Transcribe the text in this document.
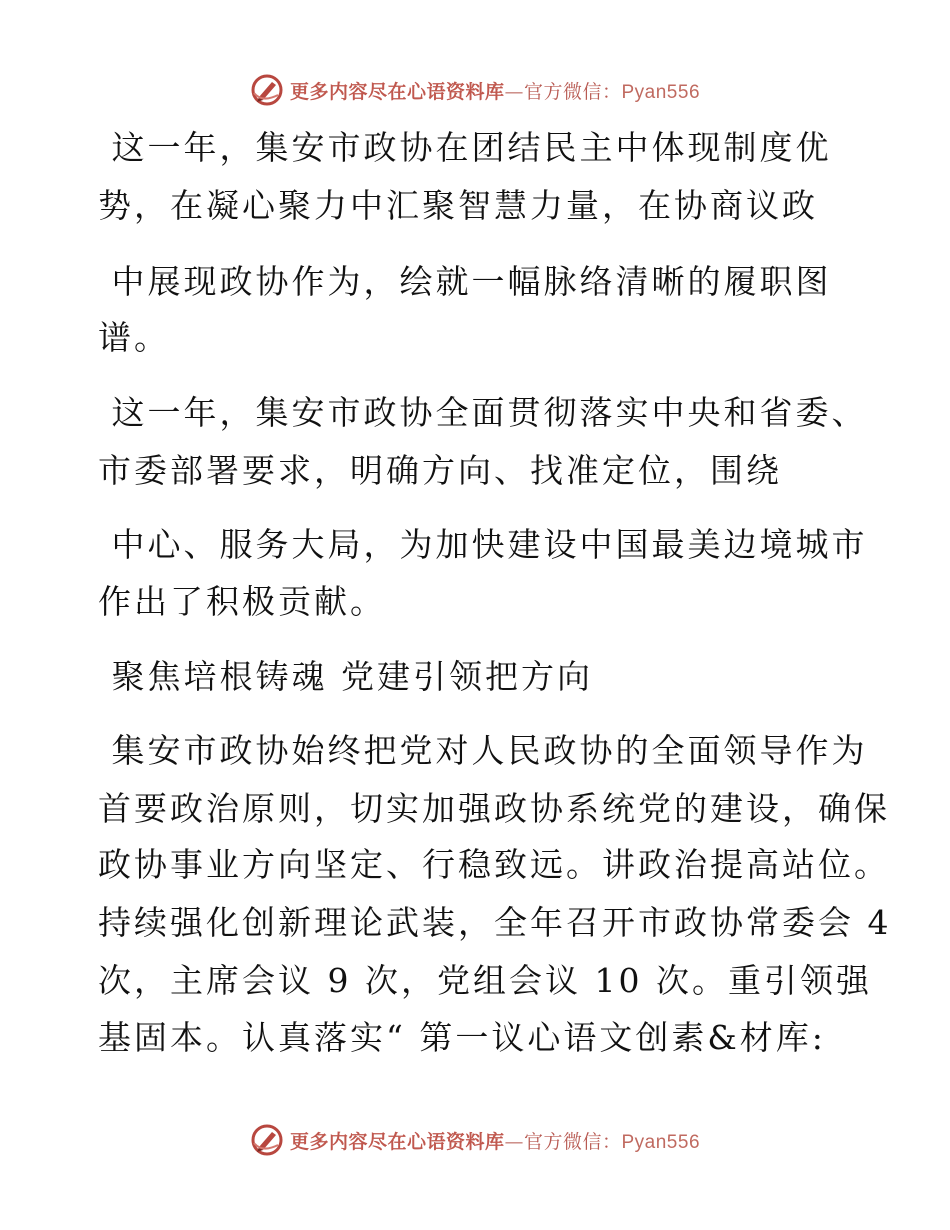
更多内容尽在心语资料库—官方微信：Pyan556
这一年，集安市政协在团结民主中体现制度优
势，在凝心聚力中汇聚智慧力量，在协商议政
中展现政协作为，绘就一幅脉络清晰的履职图
谱。
这一年，集安市政协全面贯彻落实中央和省委、
市委部署要求，明确方向、找准定位，围绕
中心、服务大局，为加快建设中国最美边境城市
作出了积极贡献。
聚焦培根铸魂 党建引领把方向
集安市政协始终把党对人民政协的全面领导作为
首要政治原则，切实加强政协系统党的建设，确保
政协事业方向坚定、行稳致远。讲政治提高站位。
持续强化创新理论武装，全年召开市政协常委会 4
次，主席会议 9 次，党组会议 10 次。重引领强
基固本。认真落实“ 第一议心语文创素&材库:
更多内容尽在心语资料库—官方微信：Pyan556
